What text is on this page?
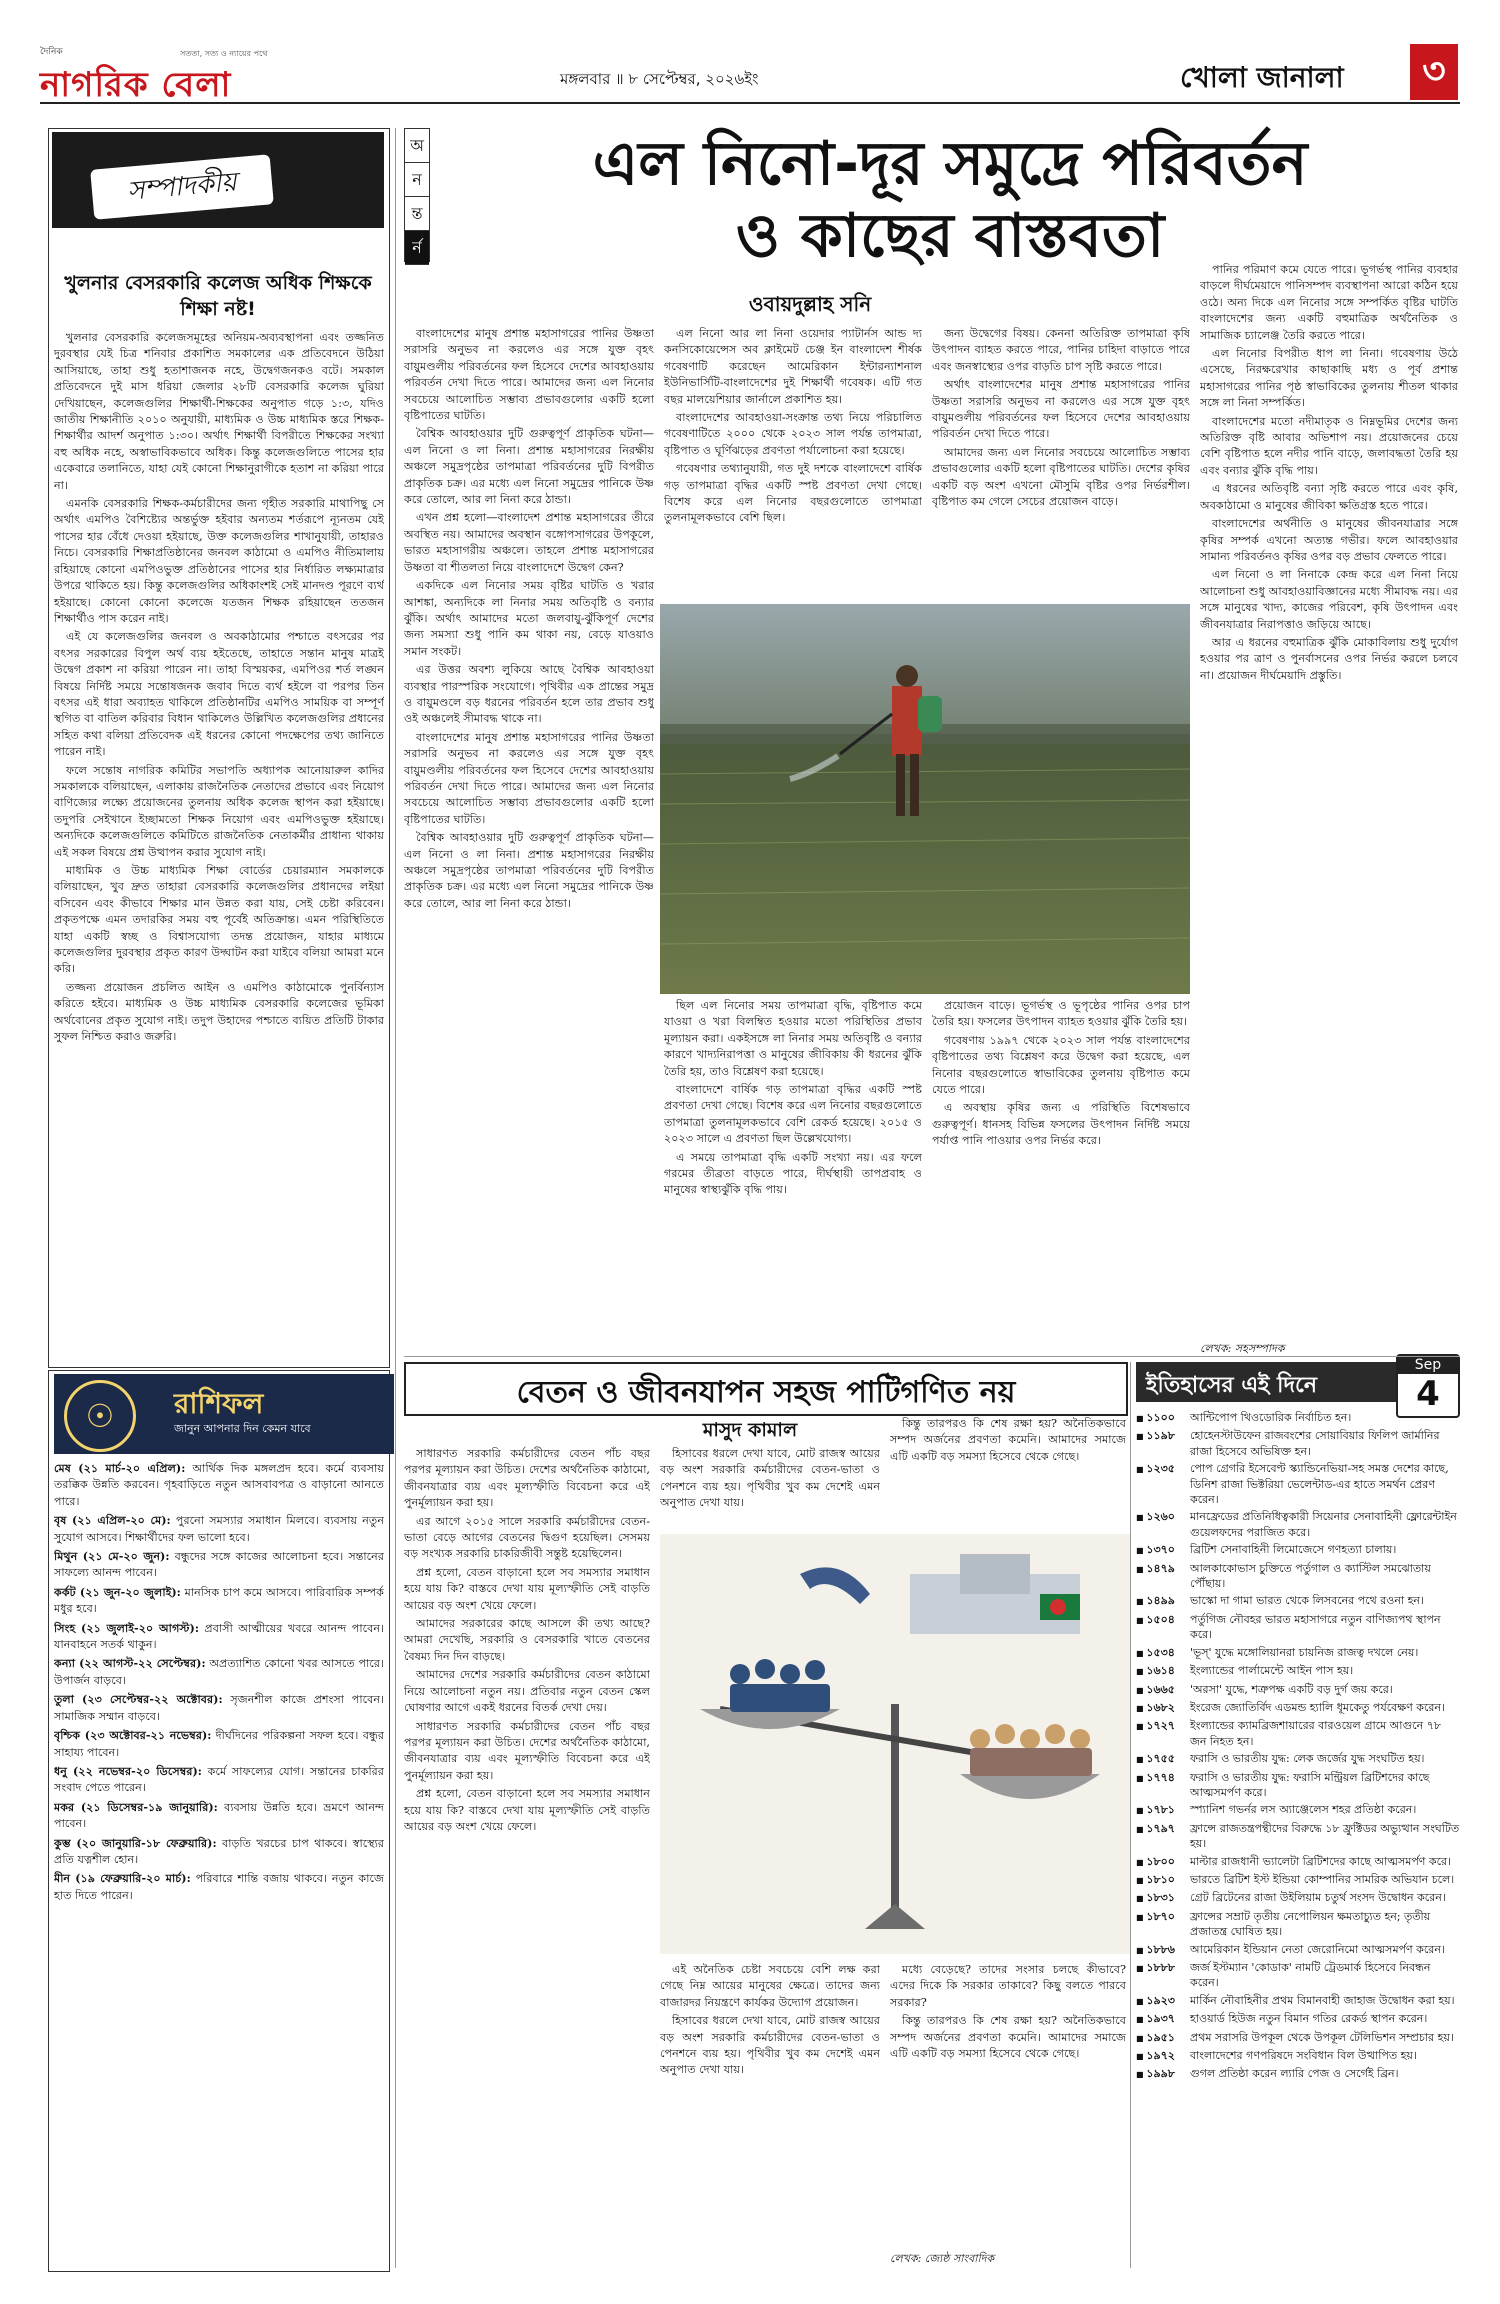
দৈনিক
নাগরিক বেলা
সততা, সত্য ও ন্যায়ের পথে
মঙ্গলবার ॥ ৮ সেপ্টেম্বর, ২০২৬ইং	খোলা জানালা	৩
সম্পাদকীয়
খুলনার বেসরকারি কলেজ অধিক শিক্ষকে শিক্ষা নষ্ট!

খুলনার বেসরকারি কলেজসমূহের অনিয়ম-অব্যবস্থাপনা এবং তজ্জনিত দুরবস্থার যেই চিত্র শনিবার প্রকাশিত সমকালের এক প্রতিবেদনে উঠিয়া আসিয়াছে, তাহা শুধু হতাশাজনক নহে, উদ্বেগজনকও বটে। সমকাল প্রতিবেদনে দুই মাস ধরিয়া জেলার ২৮টি বেসরকারি কলেজ ঘুরিয়া দেখিয়াছেন, কলেজগুলির শিক্ষার্থী-শিক্ষকের অনুপাত গড়ে ১:৩, যদিও জাতীয় শিক্ষানীতি ২০১০ অনুযায়ী, মাধ্যমিক ও উচ্চ মাধ্যমিক স্তরে শিক্ষক-শিক্ষার্থীর আদর্শ অনুপাত ১:৩০। অর্থাৎ শিক্ষার্থী বিপরীতে শিক্ষকের সংখ্যা বহু অধিক নহে, অস্বাভাবিকভাবে অধিক। কিন্তু কলেজগুলিতে পাসের হার একেবারে তলানিতে, যাহা যেই কোনো শিক্ষানুরাগীকে হতাশ না করিয়া পারে না।

এমনকি বেসরকারি শিক্ষক-কর্মচারীদের জন্য গৃহীত সরকারি মাথাপিছু সে অর্থাৎ এমপিও বৈশিষ্ট্যের অন্তর্ভুক্ত হইবার অন্যতম শর্তরূপে ন্যূনতম যেই পাসের হার বেঁধে দেওয়া হইয়াছে, উক্ত কলেজগুলির শাখানুযায়ী, তাহারও নিচে। বেসরকারি শিক্ষাপ্রতিষ্ঠানের জনবল কাঠামো ও এমপিও নীতিমালায় রহিয়াছে কোনো এমপিওভুক্ত প্রতিষ্ঠানের পাসের হার নির্ধারিত লক্ষ্যমাত্রার উপরে থাকিতে হয়। কিন্তু কলেজগুলির অধিকাংশই সেই মানদণ্ড পূরণে ব্যর্থ হইয়াছে। কোনো কোনো কলেজে যতজন শিক্ষক রহিয়াছেন ততজন শিক্ষার্থীও পাস করেন নাই।

এই যে কলেজগুলির জনবল ও অবকাঠামোর পশ্চাতে বৎসরের পর বৎসর সরকারের বিপুল অর্থ ব্যয় হইতেছে, তাহাতে সন্তান মানুষ মাত্রই উদ্বেগ প্রকাশ না করিয়া পারেন না। তাহা বিস্ময়কর, এমপিওর শর্ত লঙ্ঘন বিষয়ে নির্দিষ্ট সময়ে সন্তোষজনক জবাব দিতে ব্যর্থ হইলে বা পরপর তিন বৎসর এই ধারা অব্যাহত থাকিলে প্রতিষ্ঠানটির এমপিও সাময়িক বা সম্পূর্ণ স্থগিত বা বাতিল করিবার বিধান থাকিলেও উল্লিখিত কলেজগুলির প্রধানের সহিত কথা বলিয়া প্রতিবেদক এই ধরনের কোনো পদক্ষেপের তথ্য জানিতে পারেন নাই।

ফলে সন্তোষ নাগরিক কমিটির সভাপতি অধ্যাপক আনোয়ারুল কাদির সমকালকে বলিয়াছেন, এলাকায় রাজনৈতিক নেতাদের প্রভাবে এবং নিয়োগ বাণিজ্যের লক্ষ্যে প্রয়োজনের তুলনায় অধিক কলেজ স্থাপন করা হইয়াছে। তদুপরি সেইখানে ইচ্ছামতো শিক্ষক নিয়োগ এবং এমপিওভুক্ত হইয়াছে। অন্যদিকে কলেজগুলিতে কমিটিতে রাজনৈতিক নেতাকর্মীর প্রাধান্য থাকায় এই সকল বিষয়ে প্রশ্ন উত্থাপন করার সুযোগ নাই।

মাধ্যমিক ও উচ্চ মাধ্যমিক শিক্ষা বোর্ডের চেয়ারম্যান সমকালকে বলিয়াছেন, খুব দ্রুত তাহারা বেসরকারি কলেজগুলির প্রধানদের লইয়া বসিবেন এবং কীভাবে শিক্ষার মান উন্নত করা যায়, সেই চেষ্টা করিবেন। প্রকৃতপক্ষে এমন তদারকির সময় বহু পূর্বেই অতিক্রান্ত। এমন পরিস্থিতিতে যাহা একটি স্বচ্ছ ও বিশ্বাসযোগ্য তদন্ত প্রয়োজন, যাহার মাধ্যমে কলেজগুলির দুরবস্থার প্রকৃত কারণ উদ্ঘাটন করা যাইবে বলিয়া আমরা মনে করি।

তজ্জন্য প্রয়োজন প্রচলিত আইন ও এমপিও কাঠামোকে পুনর্বিন্যাস করিতে হইবে। মাধ্যমিক ও উচ্চ মাধ্যমিক বেসরকারি কলেজের ভূমিকা অর্থবোনের প্রকৃত সুযোগ নাই। তদুপ উহাদের পশ্চাতে ব্যয়িত প্রতিটি টাকার সুফল নিশ্চিত করাও জরুরি।

অ
ন
ন্ত
র্ন
এল নিনো-দূর সমুদ্রে পরিবর্তন
ও কাছের বাস্তবতা
ওবায়দুল্লাহ সনি

বাংলাদেশের মানুষ প্রশান্ত মহাসাগরের পানির উষ্ণতা সরাসরি অনুভব না করলেও এর সঙ্গে যুক্ত বৃহৎ বায়ুমণ্ডলীয় পরিবর্তনের ফল হিসেবে দেশের আবহাওয়ায় পরিবর্তন দেখা দিতে পারে। আমাদের জন্য এল নিনোর সবচেয়ে আলোচিত সম্ভাব্য প্রভাবগুলোর একটি হলো বৃষ্টিপাতের ঘাটতি।

বৈশ্বিক আবহাওয়ার দুটি গুরুত্বপূর্ণ প্রাকৃতিক ঘটনা—এল নিনো ও লা নিনা। প্রশান্ত মহাসাগরের নিরক্ষীয় অঞ্চলে সমুদ্রপৃষ্ঠের তাপমাত্রা পরিবর্তনের দুটি বিপরীত প্রাকৃতিক চক্র। এর মধ্যে এল নিনো সমুদ্রের পানিকে উষ্ণ করে তোলে, আর লা নিনা করে ঠান্ডা।

এখন প্রশ্ন হলো—বাংলাদেশ প্রশান্ত মহাসাগরের তীরে অবস্থিত নয়। আমাদের অবস্থান বঙ্গোপসাগরের উপকূলে, ভারত মহাসাগরীয় অঞ্চলে। তাহলে প্রশান্ত মহাসাগরের উষ্ণতা বা শীতলতা নিয়ে বাংলাদেশে উদ্বেগ কেন?

একদিকে এল নিনোর সময় বৃষ্টির ঘাটতি ও খরার আশঙ্কা, অন্যদিকে লা নিনার সময় অতিবৃষ্টি ও বন্যার ঝুঁকি। অর্থাৎ আমাদের মতো জলবায়ু-ঝুঁকিপূর্ণ দেশের জন্য সমস্যা শুধু পানি কম থাকা নয়, বেড়ে যাওয়াও সমান সংকট।

এর উত্তর অবশ্য লুকিয়ে আছে বৈশ্বিক আবহাওয়া ব্যবস্থার পারস্পরিক সংযোগে। পৃথিবীর এক প্রান্তের সমুদ্র ও বায়ুমণ্ডলে বড় ধরনের পরিবর্তন হলে তার প্রভাব শুধু ওই অঞ্চলেই সীমাবদ্ধ থাকে না।

বাংলাদেশের মানুষ প্রশান্ত মহাসাগরের পানির উষ্ণতা সরাসরি অনুভব না করলেও এর সঙ্গে যুক্ত বৃহৎ বায়ুমণ্ডলীয় পরিবর্তনের ফল হিসেবে দেশের আবহাওয়ায় পরিবর্তন দেখা দিতে পারে। আমাদের জন্য এল নিনোর সবচেয়ে আলোচিত সম্ভাব্য প্রভাবগুলোর একটি হলো বৃষ্টিপাতের ঘাটতি।

বৈশ্বিক আবহাওয়ার দুটি গুরুত্বপূর্ণ প্রাকৃতিক ঘটনা—এল নিনো ও লা নিনা। প্রশান্ত মহাসাগরের নিরক্ষীয় অঞ্চলে সমুদ্রপৃষ্ঠের তাপমাত্রা পরিবর্তনের দুটি বিপরীত প্রাকৃতিক চক্র। এর মধ্যে এল নিনো সমুদ্রের পানিকে উষ্ণ করে তোলে, আর লা নিনা করে ঠান্ডা।

এল নিনো আর লা নিনা ওয়েদার প্যাটার্নস আন্ড দ্য কনসিকোয়েন্সেস অব ক্লাইমেট চেঞ্জ ইন বাংলাদেশ শীর্ষক গবেষণাটি করেছেন আমেরিকান ইন্টারন্যাশনাল ইউনিভার্সিটি-বাংলাদেশের দুই শিক্ষার্থী গবেষক। এটি গত বছর মালয়েশিয়ার জার্নালে প্রকাশিত হয়।

বাংলাদেশের আবহাওয়া-সংক্রান্ত তথ্য নিয়ে পরিচালিত গবেষণাটিতে ২০০০ থেকে ২০২৩ সাল পর্যন্ত তাপমাত্রা, বৃষ্টিপাত ও ঘূর্ণিঝড়ের প্রবণতা পর্যালোচনা করা হয়েছে।

গবেষণার তথ্যানুযায়ী, গত দুই দশকে বাংলাদেশে বার্ষিক গড় তাপমাত্রা বৃদ্ধির একটি স্পষ্ট প্রবণতা দেখা গেছে। বিশেষ করে এল নিনোর বছরগুলোতে তাপমাত্রা তুলনামূলকভাবে বেশি ছিল।

জন্য উদ্বেগের বিষয়। কেননা অতিরিক্ত তাপমাত্রা কৃষি উৎপাদন ব্যাহত করতে পারে, পানির চাহিদা বাড়াতে পারে এবং জনস্বাস্থ্যের ওপর বাড়তি চাপ সৃষ্টি করতে পারে।

অর্থাৎ বাংলাদেশের মানুষ প্রশান্ত মহাসাগরের পানির উষ্ণতা সরাসরি অনুভব না করলেও এর সঙ্গে যুক্ত বৃহৎ বায়ুমণ্ডলীয় পরিবর্তনের ফল হিসেবে দেশের আবহাওয়ায় পরিবর্তন দেখা দিতে পারে।

আমাদের জন্য এল নিনোর সবচেয়ে আলোচিত সম্ভাব্য প্রভাবগুলোর একটি হলো বৃষ্টিপাতের ঘাটতি। দেশের কৃষির একটি বড় অংশ এখনো মৌসুমি বৃষ্টির ওপর নির্ভরশীল। বৃষ্টিপাত কম গেলে সেচের প্রয়োজন বাড়ে।

ছিল এল নিনোর সময় তাপমাত্রা বৃদ্ধি, বৃষ্টিপাত কমে যাওয়া ও খরা বিলম্বিত হওয়ার মতো পরিস্থিতির প্রভাব মূল্যায়ন করা। একইসঙ্গে লা নিনার সময় অতিবৃষ্টি ও বন্যার কারণে খাদ্যনিরাপত্তা ও মানুষের জীবিকায় কী ধরনের ঝুঁকি তৈরি হয়, তাও বিশ্লেষণ করা হয়েছে।

বাংলাদেশে বার্ষিক গড় তাপমাত্রা বৃদ্ধির একটি স্পষ্ট প্রবণতা দেখা গেছে। বিশেষ করে এল নিনোর বছরগুলোতে তাপমাত্রা তুলনামূলকভাবে বেশি রেকর্ড হয়েছে। ২০১৫ ও ২০২৩ সালে এ প্রবণতা ছিল উল্লেখযোগ্য।

এ সময়ে তাপমাত্রা বৃদ্ধি একটি সংখ্যা নয়। এর ফলে গরমের তীব্রতা বাড়তে পারে, দীর্ঘস্থায়ী তাপপ্রবাহ ও মানুষের স্বাস্থ্যঝুঁকি বৃদ্ধি পায়।

প্রয়োজন বাড়ে। ভূগর্ভস্থ ও ভূপৃষ্ঠের পানির ওপর চাপ তৈরি হয়। ফসলের উৎপাদন ব্যাহত হওয়ার ঝুঁকি তৈরি হয়।

গবেষণায় ১৯৯৭ থেকে ২০২৩ সাল পর্যন্ত বাংলাদেশের বৃষ্টিপাতের তথ্য বিশ্লেষণ করে উদ্বেগ করা হয়েছে, এল নিনোর বছরগুলোতে স্বাভাবিকের তুলনায় বৃষ্টিপাত কমে যেতে পারে।

এ অবস্থায় কৃষির জন্য এ পরিস্থিতি বিশেষভাবে গুরুত্বপূর্ণ। ধানসহ বিভিন্ন ফসলের উৎপাদন নির্দিষ্ট সময়ে পর্যাপ্ত পানি পাওয়ার ওপর নির্ভর করে।

পানির পরিমাণ কমে যেতে পারে। ভূগর্ভস্থ পানির ব্যবহার বাড়লে দীর্ঘমেয়াদে পানিসম্পদ ব্যবস্থাপনা আরো কঠিন হয়ে ওঠে। অন্য দিকে এল নিনোর সঙ্গে সম্পর্কিত বৃষ্টির ঘাটতি বাংলাদেশের জন্য একটি বহুমাত্রিক অর্থনৈতিক ও সামাজিক চ্যালেঞ্জ তৈরি করতে পারে।

এল নিনোর বিপরীত ধাপ লা নিনা। গবেষণায় উঠে এসেছে, নিরক্ষরেখার কাছাকাছি মধ্য ও পূর্ব প্রশান্ত মহাসাগরের পানির পৃষ্ঠ স্বাভাবিকের তুলনায় শীতল থাকার সঙ্গে লা নিনা সম্পর্কিত।

বাংলাদেশের মতো নদীমাতৃক ও নিম্নভূমির দেশের জন্য অতিরিক্ত বৃষ্টি আবার অভিশাপ নয়। প্রয়োজনের চেয়ে বেশি বৃষ্টিপাত হলে নদীর পানি বাড়ে, জলাবদ্ধতা তৈরি হয় এবং বন্যার ঝুঁকি বৃদ্ধি পায়।

এ ধরনের অতিবৃষ্টি বন্যা সৃষ্টি করতে পারে এবং কৃষি, অবকাঠামো ও মানুষের জীবিকা ক্ষতিগ্রস্ত হতে পারে।

বাংলাদেশের অর্থনীতি ও মানুষের জীবনযাত্রার সঙ্গে কৃষির সম্পর্ক এখনো অত্যন্ত গভীর। ফলে আবহাওয়ার সামান্য পরিবর্তনও কৃষির ওপর বড় প্রভাব ফেলতে পারে।

এল নিনো ও লা নিনাকে কেন্দ্র করে এল নিনা নিয়ে আলোচনা শুধু আবহাওয়াবিজ্ঞানের মধ্যে সীমাবদ্ধ নয়। এর সঙ্গে মানুষের খাদ্য, কাজের পরিবেশ, কৃষি উৎপাদন এবং জীবনযাত্রার নিরাপত্তাও জড়িয়ে আছে।

আর এ ধরনের বহুমাত্রিক ঝুঁকি মোকাবিলায় শুধু দুর্যোগ হওয়ার পর ত্রাণ ও পুনর্বাসনের ওপর নির্ভর করলে চলবে না। প্রয়োজন দীর্ঘমেয়াদি প্রস্তুতি।

লেখক: সহসম্পাদক
☉	রাশিফল
জানুন আপনার দিন কেমন যাবে

মেষ (২১ মার্চ-২০ এপ্রিল): আর্থিক দিক মঙ্গলপ্রদ হবে। কর্মে ব্যবসায় তরক্কিক উন্নতি করবেন। গৃহবাড়িতে নতুন আসবাবপত্র ও বাড়ানো আনতে পারে।

বৃষ (২১ এপ্রিল-২০ মে): পুরনো সমস্যার সমাধান মিলবে। ব্যবসায় নতুন সুযোগ আসবে। শিক্ষার্থীদের ফল ভালো হবে।

মিথুন (২১ মে-২০ জুন): বন্ধুদের সঙ্গে কাজের আলোচনা হবে। সন্তানের সাফল্যে আনন্দ পাবেন।

কর্কট (২১ জুন-২০ জুলাই): মানসিক চাপ কমে আসবে। পারিবারিক সম্পর্ক মধুর হবে।

সিংহ (২১ জুলাই-২০ আগস্ট): প্রবাসী আত্মীয়ের খবরে আনন্দ পাবেন। যানবাহনে সতর্ক থাকুন।

কন্যা (২২ আগস্ট-২২ সেপ্টেম্বর): অপ্রত্যাশিত কোনো খবর আসতে পারে। উপার্জন বাড়বে।

তুলা (২৩ সেপ্টেম্বর-২২ অক্টোবর): সৃজনশীল কাজে প্রশংসা পাবেন। সামাজিক সম্মান বাড়বে।

বৃশ্চিক (২৩ অক্টোবর-২১ নভেম্বর): দীর্ঘদিনের পরিকল্পনা সফল হবে। বন্ধুর সাহায্য পাবেন।

ধনু (২২ নভেম্বর-২০ ডিসেম্বর): কর্মে সাফল্যের যোগ। সন্তানের চাকরির সংবাদ পেতে পারেন।

মকর (২১ ডিসেম্বর-১৯ জানুয়ারি): ব্যবসায় উন্নতি হবে। ভ্রমণে আনন্দ পাবেন।

কুম্ভ (২০ জানুয়ারি-১৮ ফেব্রুয়ারি): বাড়তি খরচের চাপ থাকবে। স্বাস্থ্যের প্রতি যত্নশীল হোন।

মীন (১৯ ফেব্রুয়ারি-২০ মার্চ): পরিবারে শান্তি বজায় থাকবে। নতুন কাজে হাত দিতে পারেন।

বেতন ও জীবনযাপন সহজ পাটিগণিত নয়
মাসুদ কামাল

সাধারণত সরকারি কর্মচারীদের বেতন পাঁচ বছর পরপর মূল্যায়ন করা উচিত। দেশের অর্থনৈতিক কাঠামো, জীবনযাত্রার ব্যয় এবং মূল্যস্ফীতি বিবেচনা করে এই পুনর্মূল্যায়ন করা হয়।

এর আগে ২০১৫ সালে সরকারি কর্মচারীদের বেতন-ভাতা বেড়ে আগের বেতনের দ্বিগুণ হয়েছিল। সেসময় বড় সংখ্যক সরকারি চাকরিজীবী সন্তুষ্ট হয়েছিলেন।

প্রশ্ন হলো, বেতন বাড়ানো হলে সব সমস্যার সমাধান হয়ে যায় কি? বাস্তবে দেখা যায় মূল্যস্ফীতি সেই বাড়তি আয়ের বড় অংশ খেয়ে ফেলে।

আমাদের সরকারের কাছে আসলে কী তথ্য আছে? আমরা দেখেছি, সরকারি ও বেসরকারি খাতে বেতনের বৈষম্য দিন দিন বাড়ছে।

আমাদের দেশের সরকারি কর্মচারীদের বেতন কাঠামো নিয়ে আলোচনা নতুন নয়। প্রতিবার নতুন বেতন স্কেল ঘোষণার আগে একই ধরনের বিতর্ক দেখা দেয়।

সাধারণত সরকারি কর্মচারীদের বেতন পাঁচ বছর পরপর মূল্যায়ন করা উচিত। দেশের অর্থনৈতিক কাঠামো, জীবনযাত্রার ব্যয় এবং মূল্যস্ফীতি বিবেচনা করে এই পুনর্মূল্যায়ন করা হয়।

প্রশ্ন হলো, বেতন বাড়ানো হলে সব সমস্যার সমাধান হয়ে যায় কি? বাস্তবে দেখা যায় মূল্যস্ফীতি সেই বাড়তি আয়ের বড় অংশ খেয়ে ফেলে।

হিসাবের ধরলে দেখা যাবে, মোট রাজস্ব আয়ের বড় অংশ সরকারি কর্মচারীদের বেতন-ভাতা ও পেনশনে ব্যয় হয়। পৃথিবীর খুব কম দেশেই এমন অনুপাত দেখা যায়।

কিন্তু তারপরও কি শেষ রক্ষা হয়? অনৈতিকভাবে সম্পদ অর্জনের প্রবণতা কমেনি। আমাদের সমাজে এটি একটি বড় সমস্যা হিসেবে থেকে গেছে।

এই অনৈতিক চেষ্টা সবচেয়ে বেশি লক্ষ করা গেছে নিম্ন আয়ের মানুষের ক্ষেত্রে। তাদের জন্য বাজারদর নিয়ন্ত্রণে কার্যকর উদ্যোগ প্রয়োজন।

হিসাবের ধরলে দেখা যাবে, মোট রাজস্ব আয়ের বড় অংশ সরকারি কর্মচারীদের বেতন-ভাতা ও পেনশনে ব্যয় হয়। পৃথিবীর খুব কম দেশেই এমন অনুপাত দেখা যায়।

মধ্যে বেড়েছে? তাদের সংসার চলছে কীভাবে? এদের দিকে কি সরকার তাকাবে? কিছু বলতে পারবে সরকার?

কিন্তু তারপরও কি শেষ রক্ষা হয়? অনৈতিকভাবে সম্পদ অর্জনের প্রবণতা কমেনি। আমাদের সমাজে এটি একটি বড় সমস্যা হিসেবে থেকে গেছে।

লেখক: জ্যেষ্ঠ সাংবাদিক
ইতিহাসের এই দিনে
Sep
4
■ ১১০০	আন্টিপোপ থিওডোরিক নির্বাচিত হন।
■ ১১৯৮	হোহেনস্টাউফেন রাজবংশের সোয়াবিয়ার ফিলিপ জার্মানির রাজা হিসেবে অভিষিক্ত হন।
■ ১২৩৫	পোপ গ্রেগরি ইসেবেণ্ট স্ক্যান্ডিনেভিয়া-সহ সমস্ত দেশের কাছে, ডিনিশ রাজা ভিক্টরিয়া ভেলেন্টাড-এর হাতে সমর্থন প্রেরণ করেন।
■ ১২৬০	মানফ্রেডের প্রতিনিধিত্বকারী সিয়েনার সেনাবাহিনী ফ্লোরেন্টাইন গুয়েলফদের পরাজিত করে।
■ ১৩৭০	ব্রিটিশ সেনাবাহিনী লিমোজেসে গণহত্যা চালায়।
■ ১৪৭৯	আলকাকোভাস চুক্তিতে পর্তুগাল ও ক্যাস্টিল সমঝোতায় পৌঁছায়।
■ ১৪৯৯	ভাস্কো দা গামা ভারত থেকে লিসবনের পথে রওনা হন।
■ ১৫০৪	পর্তুগিজ নৌবহর ভারত মহাসাগরে নতুন বাণিজ্যপথ স্থাপন করে।
■ ১৫৩৪	'ভূস্' যুদ্ধে মঙ্গোলিয়ানরা চায়নিজ রাজত্ব দখলে নেয়।
■ ১৬১৪	ইংল্যান্ডের পার্লামেন্টে আইন পাস হয়।
■ ১৬৬৫	'অরসা' যুদ্ধে, শত্রুপক্ষ একটি বড় দুর্গ জয় করে।
■ ১৬৮২	ইংরেজ জ্যোতির্বিদ এডমন্ড হ্যালি ধূমকেতু পর্যবেক্ষণ করেন।
■ ১৭২৭	ইংল্যান্ডের ক্যামব্রিজশায়ারের বারওয়েল গ্রামে আগুনে ৭৮ জন নিহত হন।
■ ১৭৫৫	ফরাসি ও ভারতীয় যুদ্ধ: লেক জর্জের যুদ্ধ সংঘটিত হয়।
■ ১৭৭৪	ফরাসি ও ভারতীয় যুদ্ধ: ফরাসি মন্ট্রিয়ল ব্রিটিশদের কাছে আত্মসমর্পণ করে।
■ ১৭৮১	স্প্যানিশ গভর্নর লস অ্যাঞ্জেলেস শহর প্রতিষ্ঠা করেন।
■ ১৭৯৭	ফ্রান্সে রাজতন্ত্রপন্থীদের বিরুদ্ধে ১৮ ফ্রুক্টিডর অভ্যুত্থান সংঘটিত হয়।
■ ১৮০০	মাল্টার রাজধানী ভ্যালেটা ব্রিটিশদের কাছে আত্মসমর্পণ করে।
■ ১৮১০	ভারতে ব্রিটিশ ইস্ট ইন্ডিয়া কোম্পানির সামরিক অভিযান চলে।
■ ১৮৩১	গ্রেট ব্রিটেনের রাজা উইলিয়াম চতুর্থ সংসদ উদ্বোধন করেন।
■ ১৮৭০	ফ্রান্সের সম্রাট তৃতীয় নেপোলিয়ন ক্ষমতাচ্যুত হন; তৃতীয় প্রজাতন্ত্র ঘোষিত হয়।
■ ১৮৮৬	আমেরিকান ইন্ডিয়ান নেতা জেরোনিমো আত্মসমর্পণ করেন।
■ ১৮৮৮	জর্জ ইস্টম্যান 'কোডাক' নামটি ট্রেডমার্ক হিসেবে নিবন্ধন করেন।
■ ১৯২৩	মার্কিন নৌবাহিনীর প্রথম বিমানবাহী জাহাজ উদ্বোধন করা হয়।
■ ১৯৩৭	হাওয়ার্ড হিউজ নতুন বিমান গতির রেকর্ড স্থাপন করেন।
■ ১৯৫১	প্রথম সরাসরি উপকূল থেকে উপকূল টেলিভিশন সম্প্রচার হয়।
■ ১৯৭২	বাংলাদেশের গণপরিষদে সংবিধান বিল উত্থাপিত হয়।
■ ১৯৯৮	গুগল প্রতিষ্ঠা করেন ল্যারি পেজ ও সের্গেই ব্রিন।
